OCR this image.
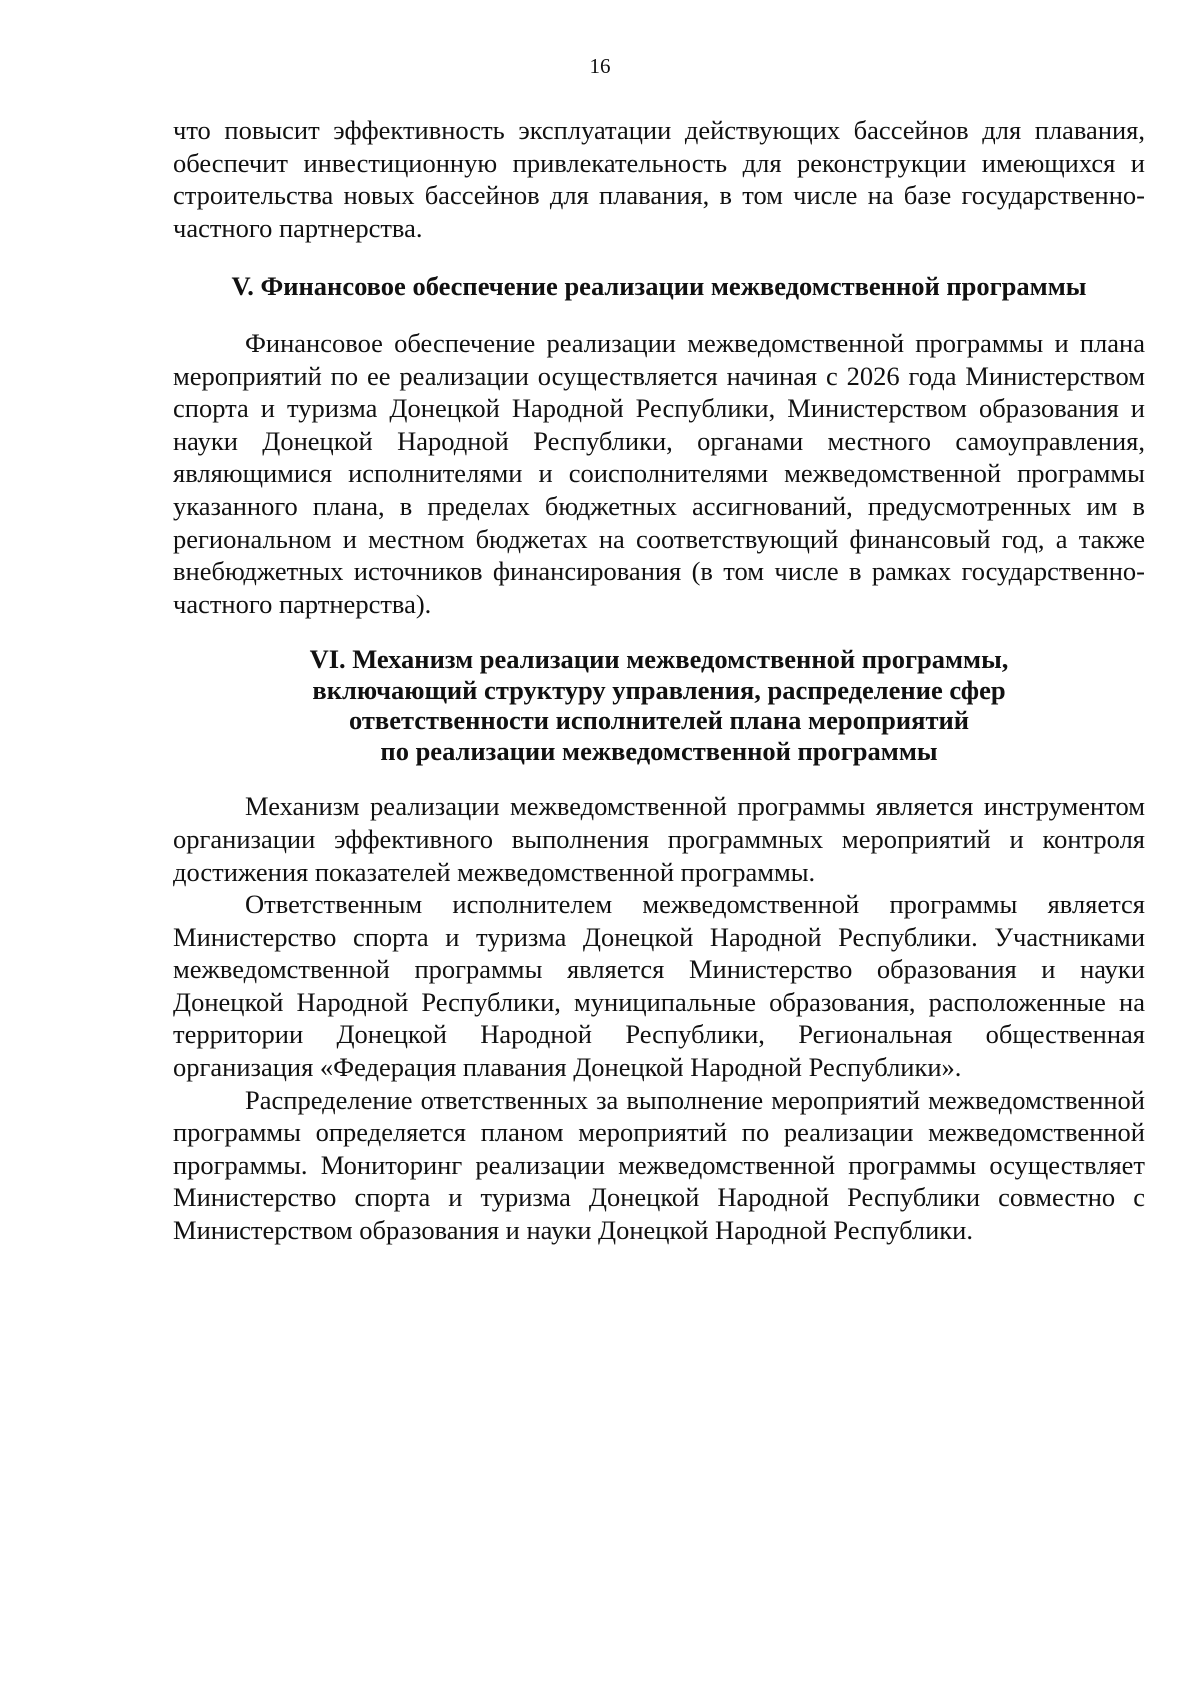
16

что повысит эффективность эксплуатации действующих бассейнов для плавания, обеспечит инвестиционную привлекательность для реконструкции имеющихся и строительства новых бассейнов для плавания, в том числе на базе государственно-частного партнерства.

V. Финансовое обеспечение реализации межведомственной программы

Финансовое обеспечение реализации межведомственной программы и плана мероприятий по ее реализации осуществляется начиная с 2026 года Министерством спорта и туризма Донецкой Народной Республики, Министерством образования и науки Донецкой Народной Республики, органами местного самоуправления, являющимися исполнителями и соисполнителями межведомственной программы указанного плана, в пределах бюджетных ассигнований, предусмотренных им в региональном и местном бюджетах на соответствующий финансовый год, а также внебюджетных источников финансирования (в том числе в рамках государственно-частного партнерства).

VI. Механизм реализации межведомственной программы,
включающий структуру управления, распределение сфер
ответственности исполнителей плана мероприятий
по реализации межведомственной программы

Механизм реализации межведомственной программы является инструментом организации эффективного выполнения программных мероприятий и контроля достижения показателей межведомственной программы.

Ответственным исполнителем межведомственной программы является Министерство спорта и туризма Донецкой Народной Республики. Участниками межведомственной программы является Министерство образования и науки Донецкой Народной Республики, муниципальные образования, расположенные на территории Донецкой Народной Республики, Региональная общественная организация «Федерация плавания Донецкой Народной Республики».

Распределение ответственных за выполнение мероприятий межведомственной программы определяется планом мероприятий по реализации межведомственной программы. Мониторинг реализации межведомственной программы осуществляет Министерство спорта и туризма Донецкой Народной Республики совместно с Министерством образования и науки Донецкой Народной Республики.
